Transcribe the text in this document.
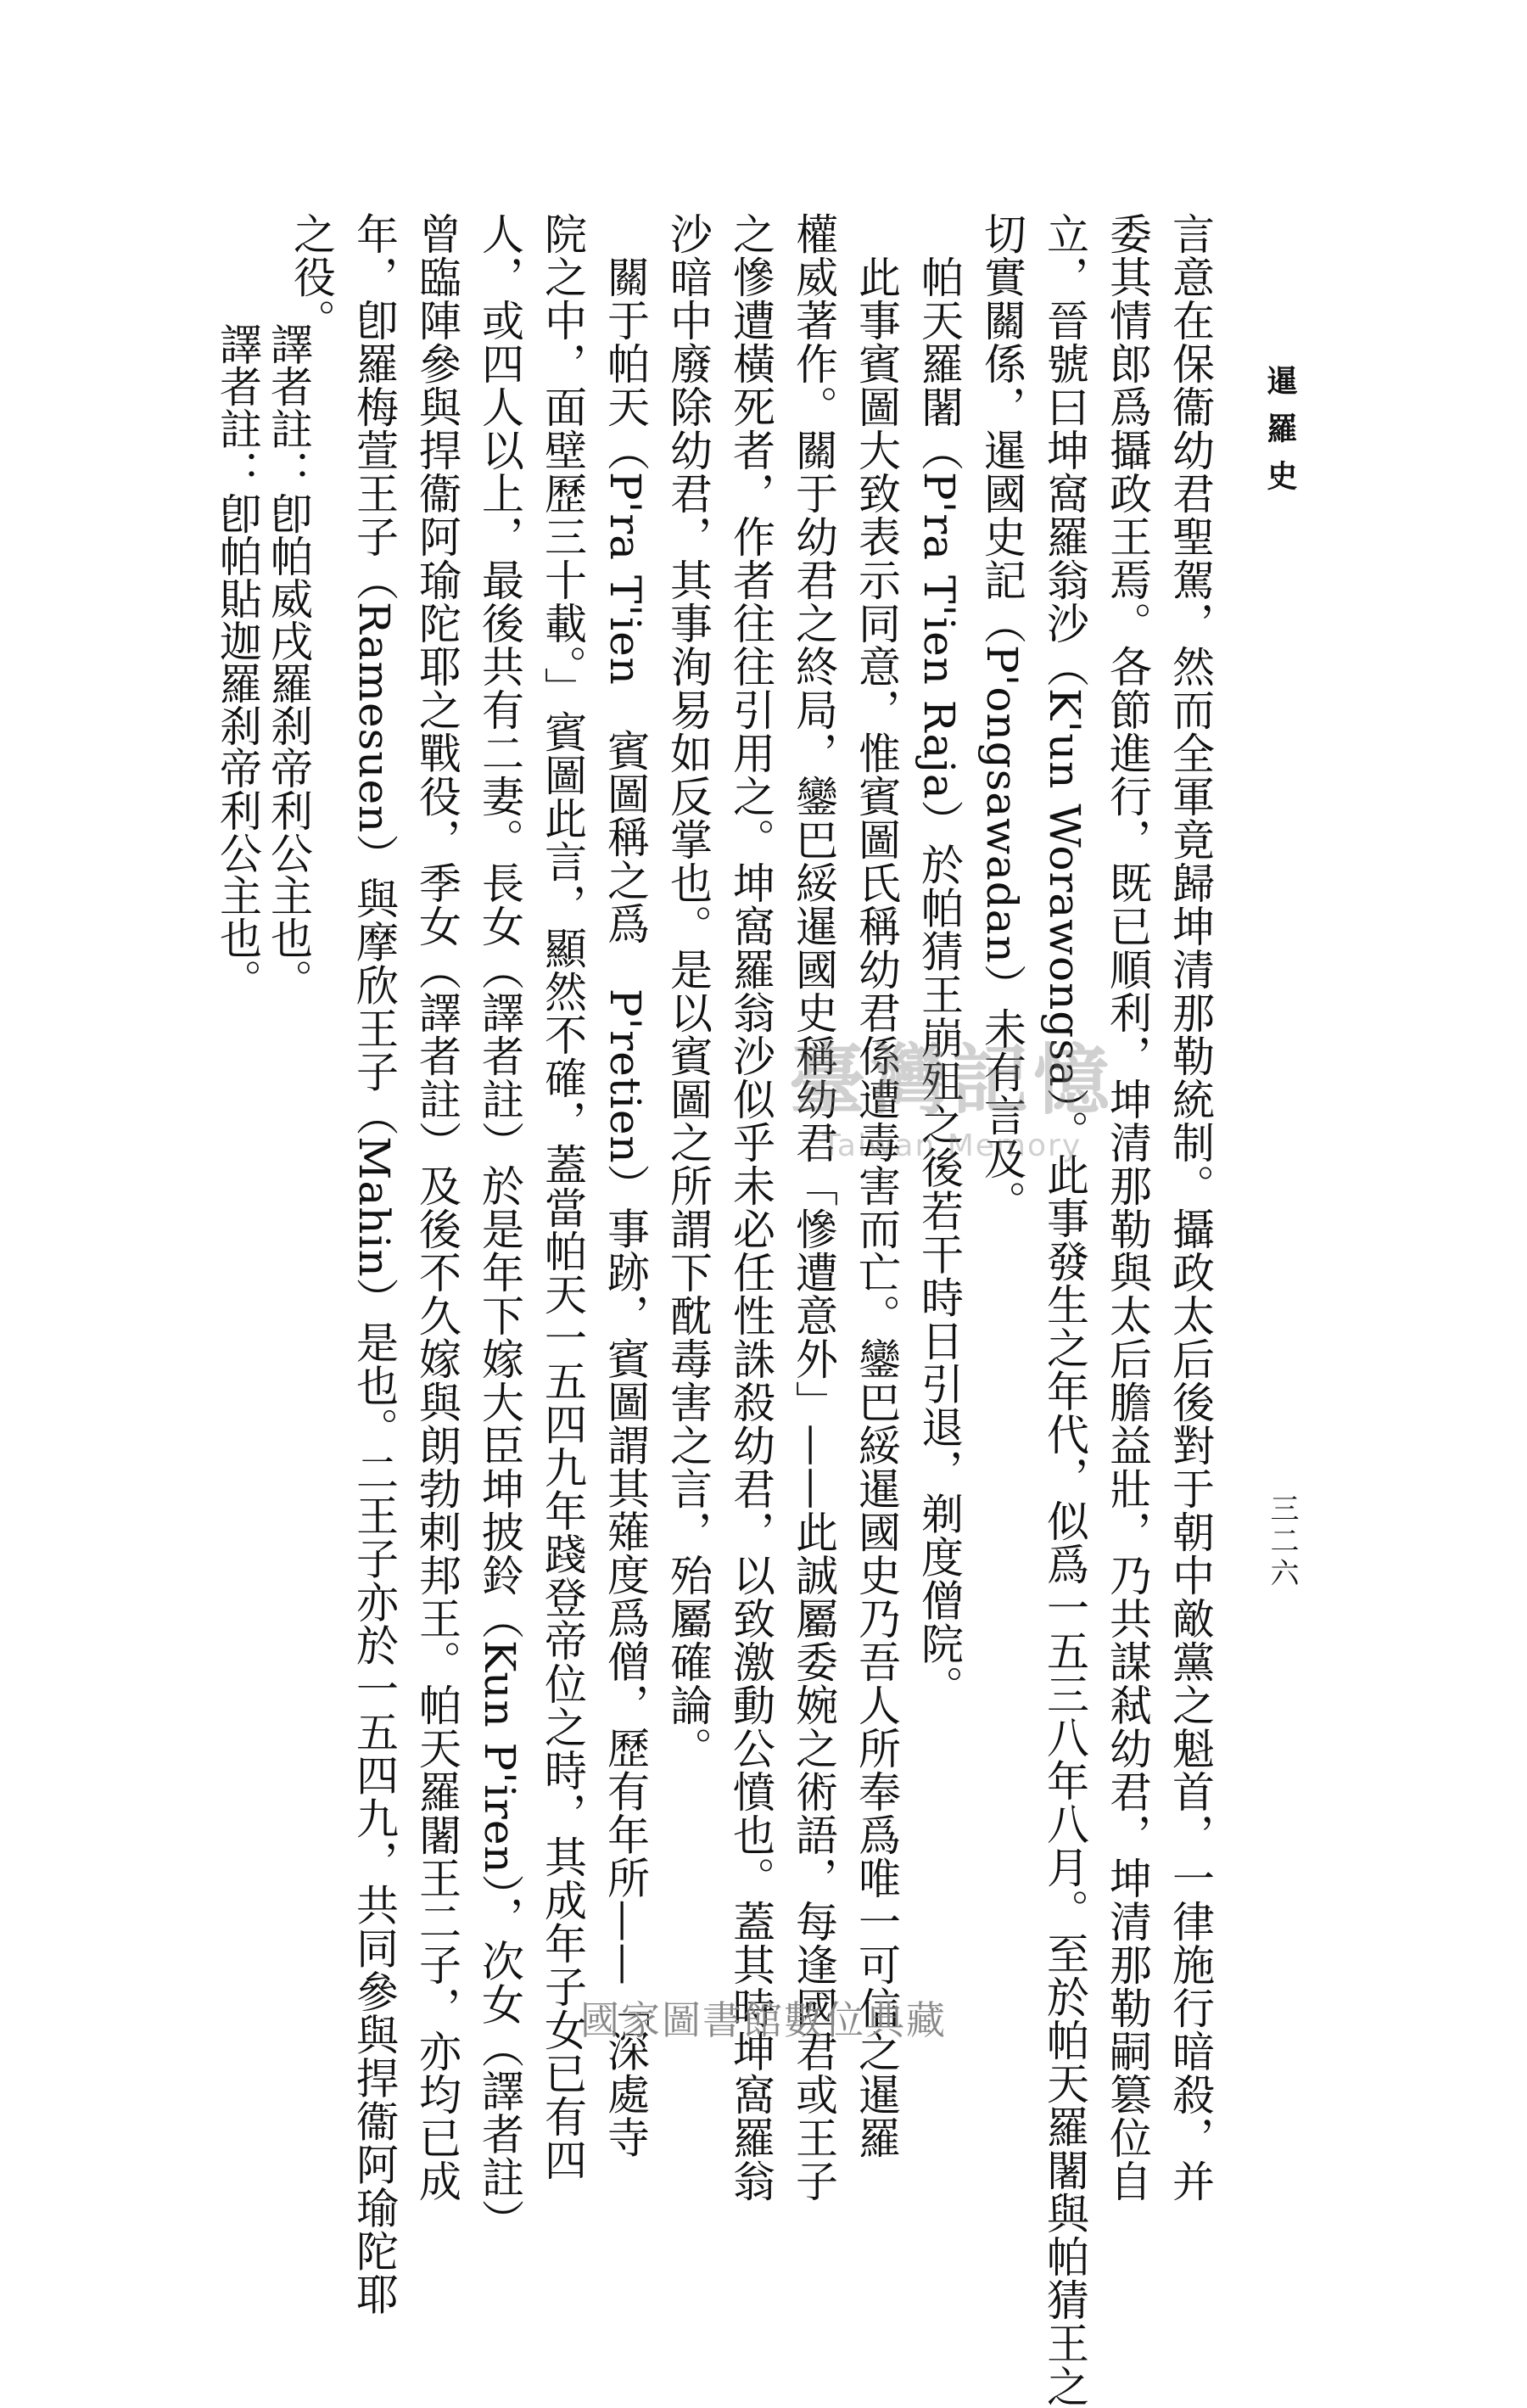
暹羅史
三二六
言意在保衞幼君聖駕，然而全軍竟歸坤清那勒統制。攝政太后後對于朝中敵黨之魁首，一律施行暗殺，并
委其情郎爲攝政王焉。各節進行，既已順利，坤清那勒與太后膽益壯，乃共謀弒幼君，坤清那勒嗣篡位自
立，晉號曰坤窩羅翁沙（K'un Worawongsa）。此事發生之年代，似爲一五三八年八月。至於帕天羅闍與帕猜王之
切實關係，暹國史記（P'ongsawadan）未有言及。
　帕天羅闍（P'ra T'ien Raja）於帕猜王崩殂之後若干時日引退，剃度僧院。
　此事賓圖大致表示同意，惟賓圖氏稱幼君係遭毒害而亡。鑾巴綏暹國史乃吾人所奉爲唯一可信之暹羅
權威著作。關于幼君之終局，鑾巴綏暹國史稱幼君「慘遭意外」——此誠屬委婉之術語，每逢國君或王子
之慘遭橫死者，作者往往引用之。坤窩羅翁沙似乎未必任性誅殺幼君，以致激動公憤也。蓋其時坤窩羅翁
沙暗中廢除幼君，其事洵易如反掌也。是以賓圖之所謂下酖毒害之言，殆屬確論。
　關于帕天（P'ra T'ien　賓圖稱之爲　P'retien）事跡，賓圖謂其薙度爲僧，歷有年所——「深處寺
院之中，面壁歷三十載。」賓圖此言，顯然不確，蓋當帕天一五四九年踐登帝位之時，其成年子女已有四
人，或四人以上，最後共有二妻。長女（譯者註）於是年下嫁大臣坤披鈴（Kun P'iren），次女（譯者註）
曾臨陣參與捍衞阿瑜陀耶之戰役，季女（譯者註）及後不久嫁與朗勃剌邦王。帕天羅闍王二子，亦均已成
年，卽羅梅萱王子（Ramesuen）與摩欣王子（Mahin）是也。二王子亦於一五四九，共同參與捍衞阿瑜陀耶
之役。
譯者註：卽帕威戌羅刹帝利公主也。
譯者註：卽帕貼迦羅刹帝利公主也。
臺灣記憶
Taiwan Memory
國家圖書館數位典藏
